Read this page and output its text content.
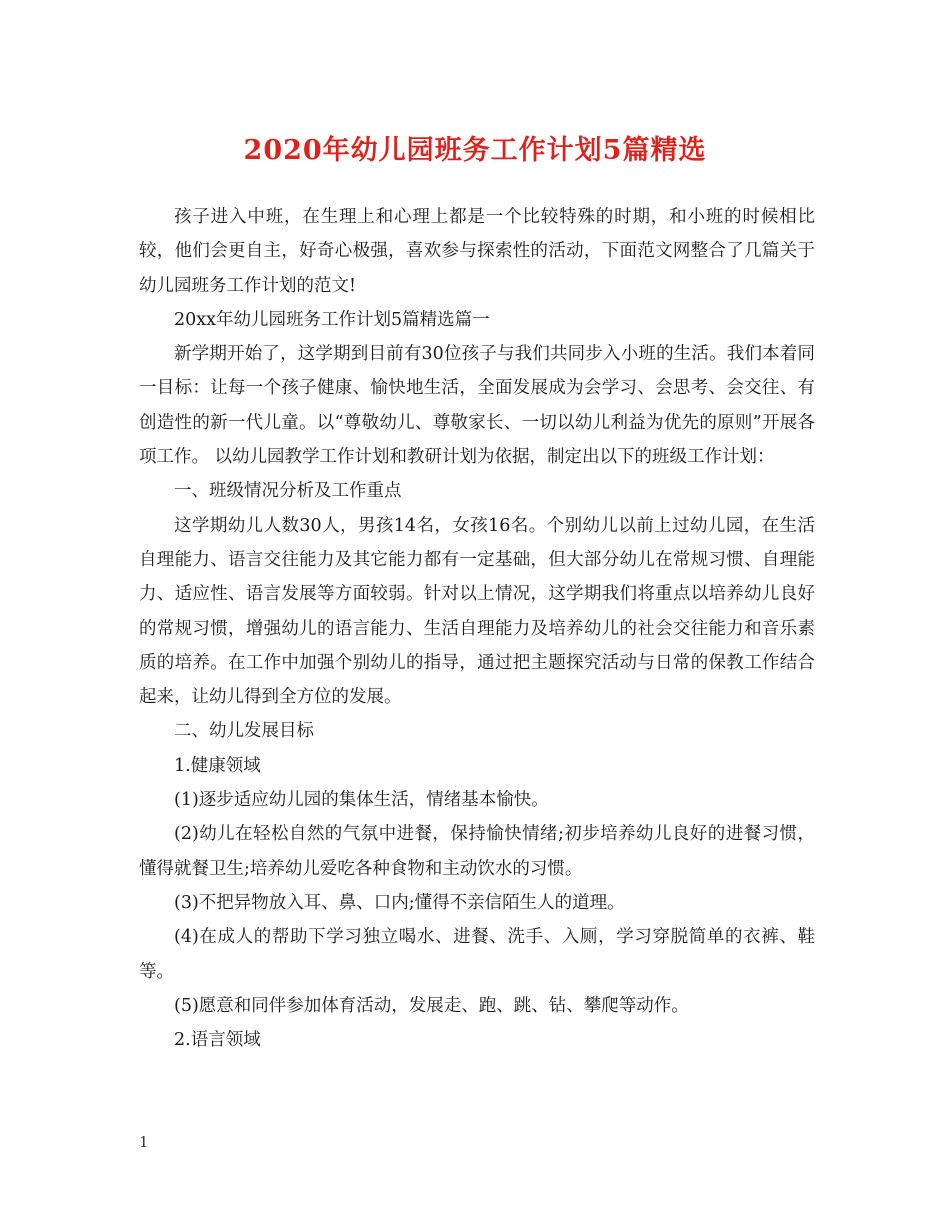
2020年幼儿园班务工作计划5篇精选

孩子进入中班，在生理上和心理上都是一个比较特殊的时期，和小班的时候相比较，他们会更自主，好奇心极强，喜欢参与探索性的活动，下面范文网整合了几篇关于幼儿园班务工作计划的范文!

20xx年幼儿园班务工作计划5篇精选篇一

新学期开始了，这学期到目前有30位孩子与我们共同步入小班的生活。我们本着同一目标：让每一个孩子健康、愉快地生活，全面发展成为会学习、会思考、会交往、有创造性的新一代儿童。以“尊敬幼儿、尊敬家长、一切以幼儿利益为优先的原则”开展各项工作。 以幼儿园教学工作计划和教研计划为依据，制定出以下的班级工作计划：

一、班级情况分析及工作重点

这学期幼儿人数30人，男孩14名，女孩16名。个别幼儿以前上过幼儿园，在生活自理能力、语言交往能力及其它能力都有一定基础，但大部分幼儿在常规习惯、自理能力、适应性、语言发展等方面较弱。针对以上情况，这学期我们将重点以培养幼儿良好的常规习惯，增强幼儿的语言能力、生活自理能力及培养幼儿的社会交往能力和音乐素质的培养。在工作中加强个别幼儿的指导，通过把主题探究活动与日常的保教工作结合起来，让幼儿得到全方位的发展。

二、幼儿发展目标

1.健康领域

(1)逐步适应幼儿园的集体生活，情绪基本愉快。

(2)幼儿在轻松自然的气氛中进餐，保持愉快情绪;初步培养幼儿良好的进餐习惯，懂得就餐卫生;培养幼儿爱吃各种食物和主动饮水的习惯。

(3)不把异物放入耳、鼻、口内;懂得不亲信陌生人的道理。

(4)在成人的帮助下学习独立喝水、进餐、洗手、入厕，学习穿脱简单的衣裤、鞋等。

(5)愿意和同伴参加体育活动，发展走、跑、跳、钻、攀爬等动作。

2.语言领域

1
